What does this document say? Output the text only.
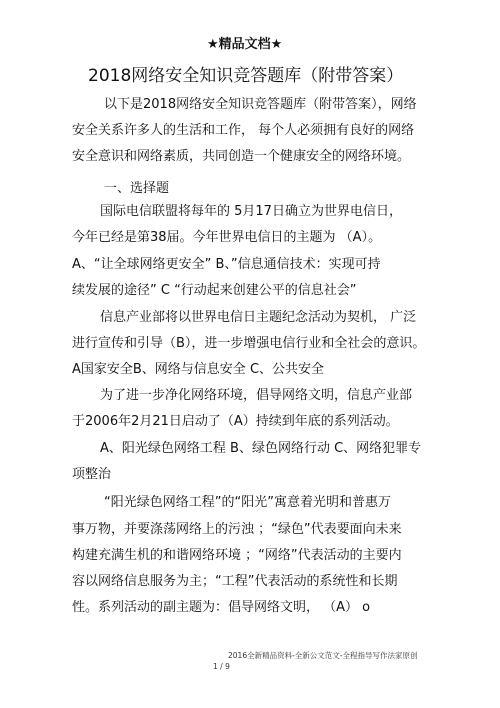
★精品文档★
2018网络安全知识竞答题库（附带答案）
以下是2018网络安全知识竞答题库（附带答案），网络
安全关系许多人的生活和工作， 每个人必须拥有良好的网络
安全意识和网络素质，共同创造一个健康安全的网络环境。
一、选择题
国际电信联盟将每年的 5月17日确立为世界电信日，
今年已经是第38届。今年世界电信日的主题为 （A）。
A、“让全球网络更安全” B、”信息通信技术：实现可持
续发展的途径” C “行动起来创建公平的信息社会”
信息产业部将以世界电信日主题纪念活动为契机， 广泛
进行宣传和引导（B），进一步增强电信行业和全社会的意识。
A国家安全B、网络与信息安全 C、公共安全
为了进一步净化网络环境，倡导网络文明，信息产业部
于2006年2月21日启动了（A）持续到年底的系列活动。
A、阳光绿色网络工程 B、绿色网络行动 C、网络犯罪专
项整治
“阳光绿色网络工程”的“阳光”寓意着光明和普惠万
事万物，并要涤荡网络上的污浊 ；“绿色”代表要面向未来
构建充满生机的和谐网络环境 ；“网络”代表活动的主要内
容以网络信息服务为主；“工程”代表活动的系统性和长期
性。系列活动的副主题为：倡导网络文明， （A） o
2016全新精品资料-全新公文范文-全程指导写作法家原创
1 / 9
